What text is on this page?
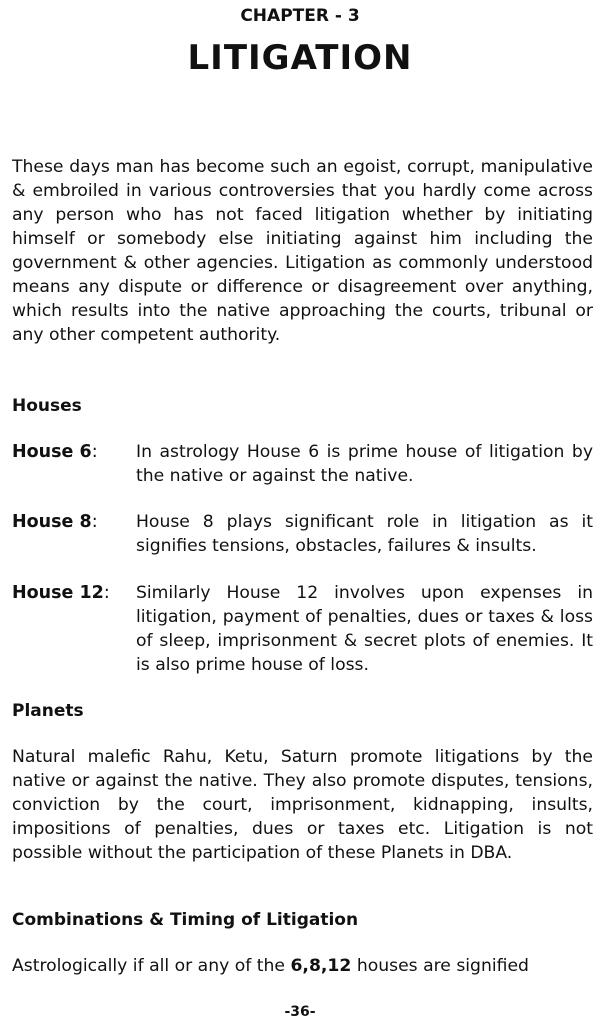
CHAPTER - 3
LITIGATION

These days man has become such an egoist, corrupt, manipulative & embroiled in various controversies that you hardly come across any person who has not faced litigation whether by initiating himself or somebody else initiating against him including the government & other agencies. Litigation as commonly understood means any dispute or difference or disagreement over anything, which results into the native approaching the courts, tribunal or any other competent authority.

Houses
House 6: In astrology House 6 is prime house of litigation by the native or against the native.

House 8: House 8 plays significant role in litigation as it signifies tensions, obstacles, failures & insults.

House 12: Similarly House 12 involves upon expenses in litigation, payment of penalties, dues or taxes & loss of sleep, imprisonment & secret plots of enemies. It is also prime house of loss.

Planets

Natural malefic Rahu, Ketu, Saturn promote litigations by the native or against the native. They also promote disputes, tensions, conviction by the court, imprisonment, kidnapping, insults, impositions of penalties, dues or taxes etc. Litigation is not possible without the participation of these Planets in DBA.

Combinations & Timing of Litigation

Astrologically if all or any of the 6,8,12 houses are signified

-36-
